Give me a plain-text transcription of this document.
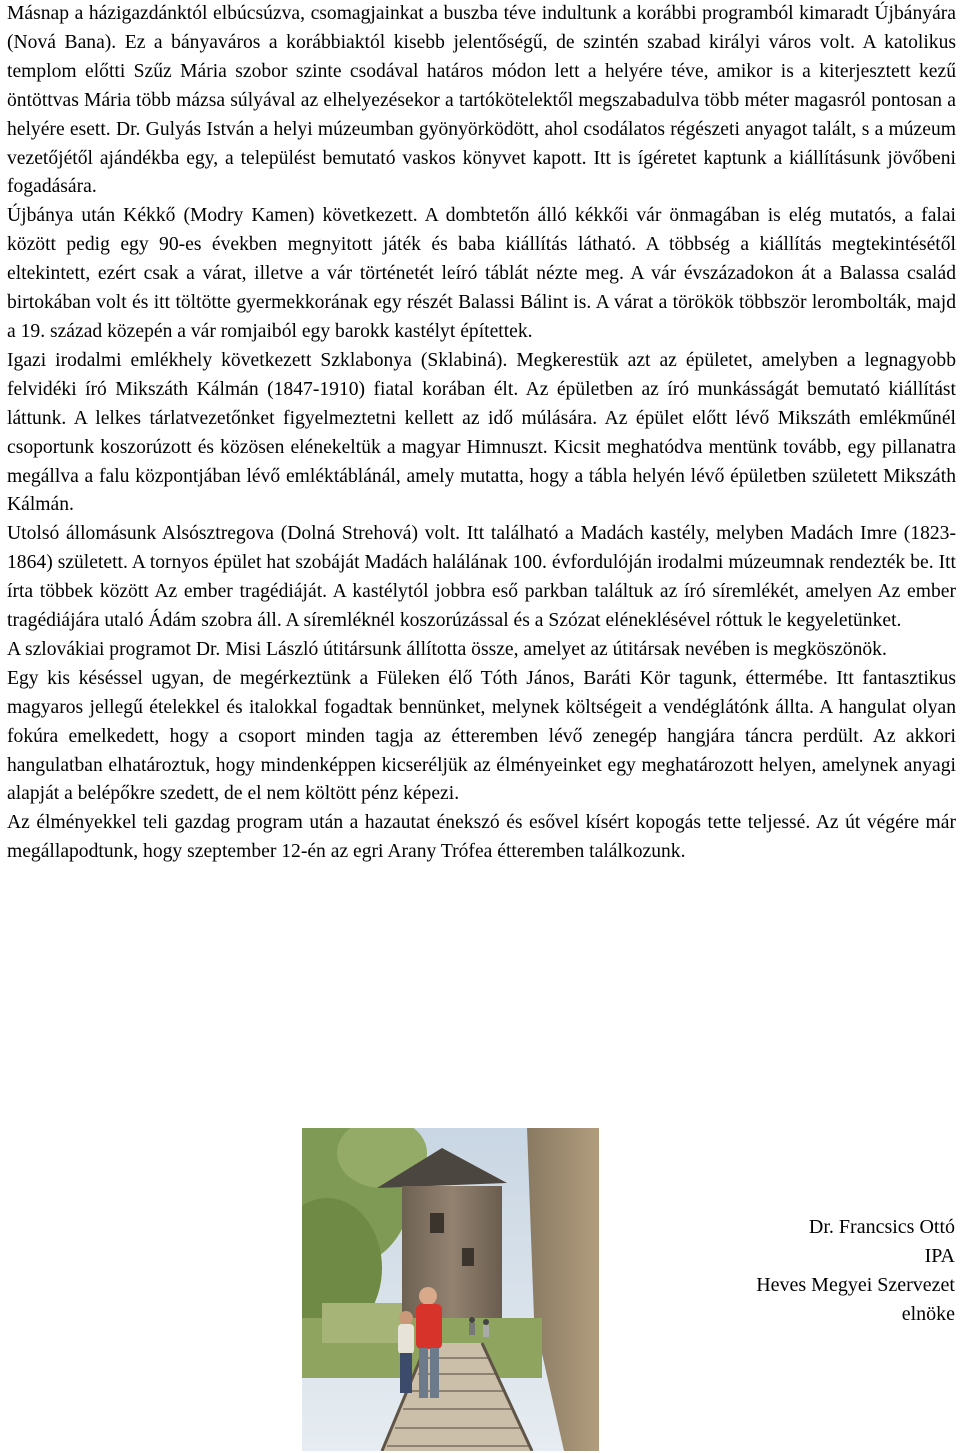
Másnap a házigazdánktól elbúcsúzva, csomagjainkat a buszba téve indultunk a korábbi programból kimaradt Újbányára (Nová Bana). Ez a bányaváros a korábbiaktól kisebb jelentőségű, de szintén szabad királyi város volt. A katolikus templom előtti Szűz Mária szobor szinte csodával határos módon lett a helyére téve, amikor is a kiterjesztett kezű öntöttvas Mária több mázsa súlyával az elhelyezésekor a tartókötelektől megszabadulva több méter magasról pontosan a helyére esett. Dr. Gulyás István a helyi múzeumban gyönyörködött, ahol csodálatos régészeti anyagot talált, s a múzeum vezetőjétől ajándékba egy, a települést bemutató vaskos könyvet kapott. Itt is ígéretet kaptunk a kiállításunk jövőbeni fogadására.

Újbánya után Kékkő (Modry Kamen) következett. A dombtetőn álló kékkői vár önmagában is elég mutatós, a falai között pedig egy 90-es években megnyitott játék és baba kiállítás látható. A többség a kiállítás megtekintésétől eltekintett, ezért csak a várat, illetve a vár történetét leíró táblát nézte meg. A vár évszázadokon át a Balassa család birtokában volt és itt töltötte gyermekkorának egy részét Balassi Bálint is. A várat a törökök többször lerombolták, majd a 19. század közepén a vár romjaiból egy barokk kastélyt építettek.

Igazi irodalmi emlékhely következett Szklabonya (Sklabiná). Megkerestük azt az épületet, amelyben a legnagyobb felvidéki író Mikszáth Kálmán (1847-1910) fiatal korában élt. Az épületben az író munkásságát bemutató kiállítást láttunk. A lelkes tárlatvezetőnket figyelmeztetni kellett az idő múlására. Az épület előtt lévő Mikszáth emlékműnél csoportunk koszorúzott és közösen elénekeltük a magyar Himnuszt. Kicsit meghatódva mentünk tovább, egy pillanatra megállva a falu központjában lévő emléktáblánál, amely mutatta, hogy a tábla helyén lévő épületben született Mikszáth Kálmán.

Utolsó állomásunk Alsósztregova (Dolná Strehová) volt. Itt található a Madách kastély, melyben Madách Imre (1823-1864) született. A tornyos épület hat szobáját Madách halálának 100. évfordulóján irodalmi múzeumnak rendezték be. Itt írta többek között Az ember tragédiáját. A kastélytól jobbra eső parkban találtuk az író síremlékét, amelyen Az ember tragédiájára utaló Ádám szobra áll. A síremléknél koszorúzással és a Szózat eléneklésével róttuk le kegyeletünket.

A szlovákiai programot Dr. Misi László útitársunk állította össze, amelyet az útitársak nevében is megköszönök.

Egy kis késéssel ugyan, de megérkeztünk a Füleken élő Tóth János, Baráti Kör tagunk, éttermébe. Itt fantasztikus magyaros jellegű ételekkel és italokkal fogadtak bennünket, melynek költségeit a vendéglátónk állta. A hangulat olyan fokúra emelkedett, hogy a csoport minden tagja az étteremben lévő zenegép hangjára táncra perdült. Az akkori hangulatban elhatároztuk, hogy mindenképpen kicseréljük az élményeinket egy meghatározott helyen, amelynek anyagi alapját a belépőkre szedett, de el nem költött pénz képezi.

Az élményekkel teli gazdag program után a hazautat énekszó és esővel kísért kopogás tette teljessé. Az út végére már megállapodtunk, hogy szeptember 12-én az egri Arany Trófea étteremben találkozunk.

Dr. Francsics Ottó
IPA
Heves Megyei Szervezet
elnöke
